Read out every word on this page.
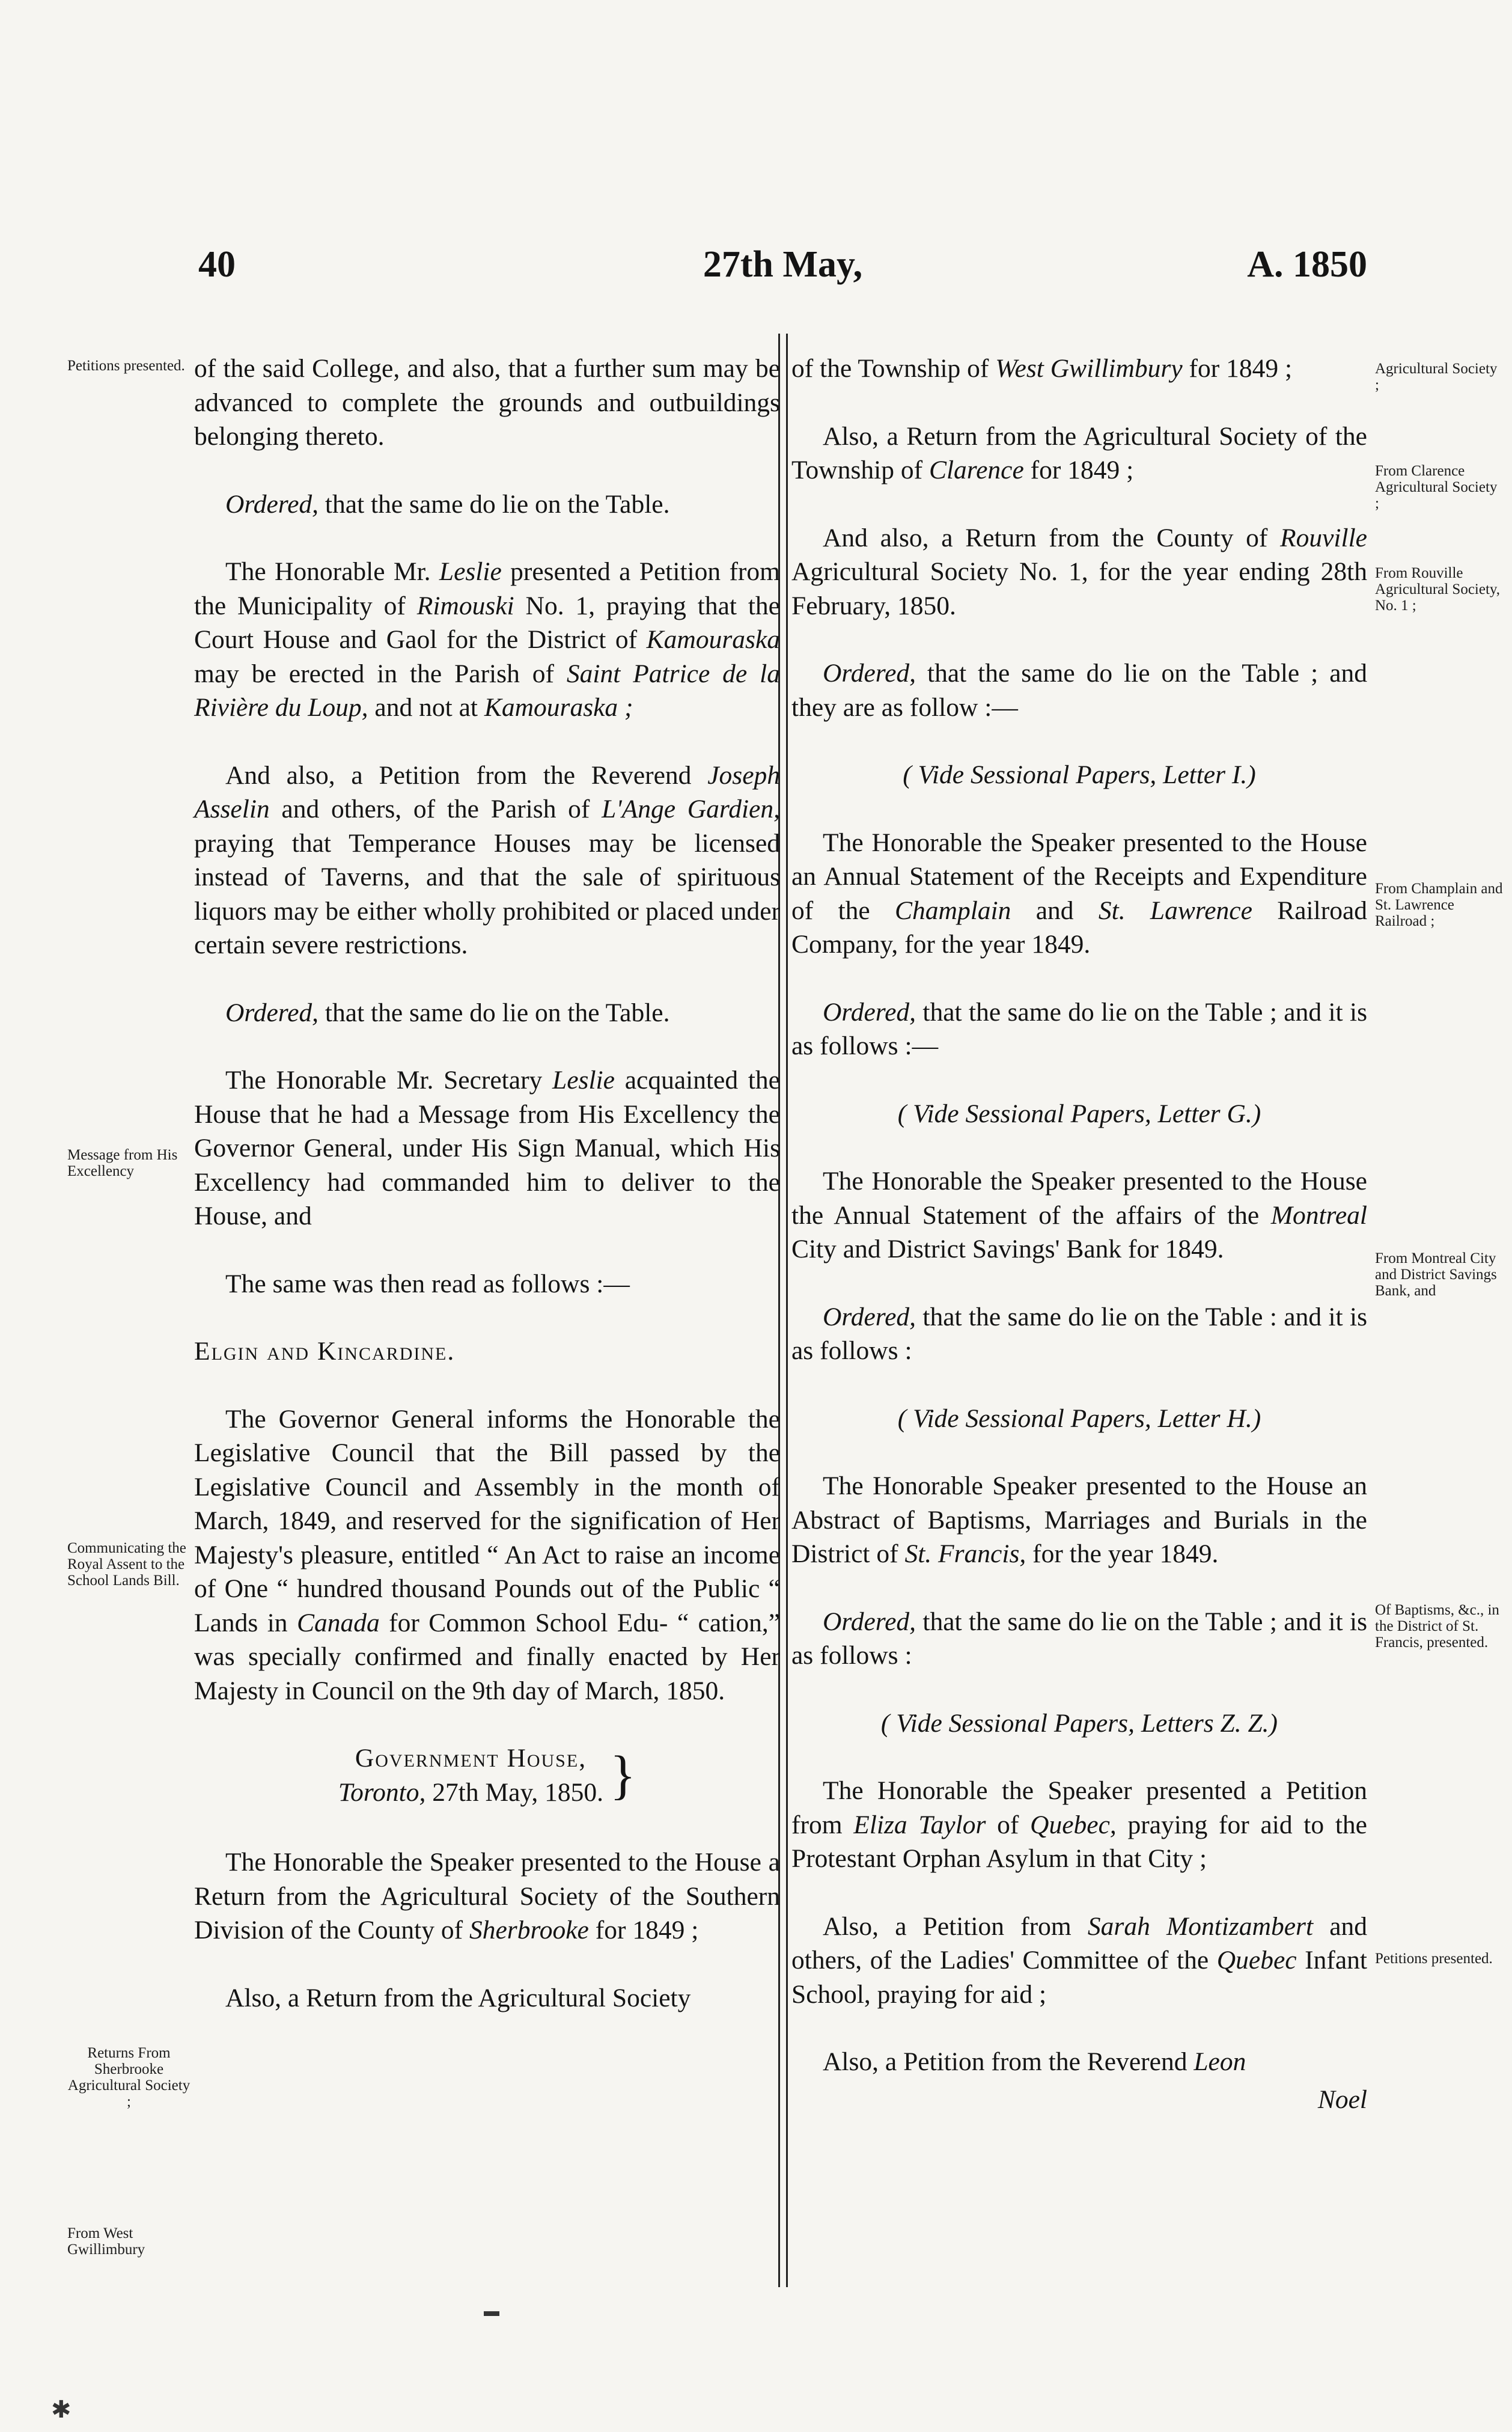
40	27th May,	A. 1850

of the said College, and also, that a further sum may be advanced to complete the grounds and outbuildings belonging thereto.

Ordered, that the same do lie on the Table.

The Honorable Mr. Leslie presented a Petition from the Municipality of Rimouski No. 1, praying that the Court House and Gaol for the District of Kamouraska may be erected in the Parish of Saint Patrice de la Rivière du Loup, and not at Kamouraska ;

And also, a Petition from the Reverend Joseph Asselin and others, of the Parish of L'Ange Gardien, praying that Temperance Houses may be licensed instead of Taverns, and that the sale of spirituous liquors may be either wholly prohibited or placed under certain severe restrictions.

Ordered, that the same do lie on the Table.

The Honorable Mr. Secretary Leslie acquainted the House that he had a Message from His Excellency the Governor General, under His Sign Manual, which His Excellency had commanded him to deliver to the House, and

The same was then read as follows :—

Elgin and Kincardine.

The Governor General informs the Honorable the Legislative Council that the Bill passed by the Legislative Council and Assembly in the month of March, 1849, and reserved for the signification of Her Majesty's pleasure, entitled “ An Act to raise an income of One “ hundred thousand Pounds out of the Public “ Lands in Canada for Common School Edu- “ cation,” was specially confirmed and finally enacted by Her Majesty in Council on the 9th day of March, 1850.

Government House,
Toronto, 27th May, 1850. }

The Honorable the Speaker presented to the House a Return from the Agricultural Society of the Southern Division of the County of Sherbrooke for 1849 ;

Also, a Return from the Agricultural Society

of the Township of West Gwillimbury for 1849 ;

Also, a Return from the Agricultural Society of the Township of Clarence for 1849 ;

And also, a Return from the County of Rouville Agricultural Society No. 1, for the year ending 28th February, 1850.

Ordered, that the same do lie on the Table ; and they are as follow :—

( Vide Sessional Papers, Letter I.)

The Honorable the Speaker presented to the House an Annual Statement of the Receipts and Expenditure of the Champlain and St. Lawrence Railroad Company, for the year 1849.

Ordered, that the same do lie on the Table ; and it is as follows :—

( Vide Sessional Papers, Letter G.)

The Honorable the Speaker presented to the House the Annual Statement of the affairs of the Montreal City and District Savings' Bank for 1849.

Ordered, that the same do lie on the Table : and it is as follows :

( Vide Sessional Papers, Letter H.)

The Honorable Speaker presented to the House an Abstract of Baptisms, Marriages and Burials in the District of St. Francis, for the year 1849.

Ordered, that the same do lie on the Table ; and it is as follows :

( Vide Sessional Papers, Letters Z. Z.)

The Honorable the Speaker presented a Petition from Eliza Taylor of Quebec, praying for aid to the Protestant Orphan Asylum in that City ;

Also, a Petition from Sarah Montizambert and others, of the Ladies' Committee of the Quebec Infant School, praying for aid ;

Also, a Petition from the Reverend Leon

Noel

Petitions presented.
Message from His Excellency
Communicating the Royal Assent to the School Lands Bill.
Returns From Sherbrooke Agricultural Society ;
From West Gwillimbury
Agricultural Society ;
From Clarence Agricultural Society ;
From Rouville Agricultural Society, No. 1 ;
From Champlain and St. Lawrence Railroad ;
From Montreal City and District Savings Bank, and
Of Baptisms, &c., in the District of St. Francis, presented.
Petitions presented.
✱
▬
